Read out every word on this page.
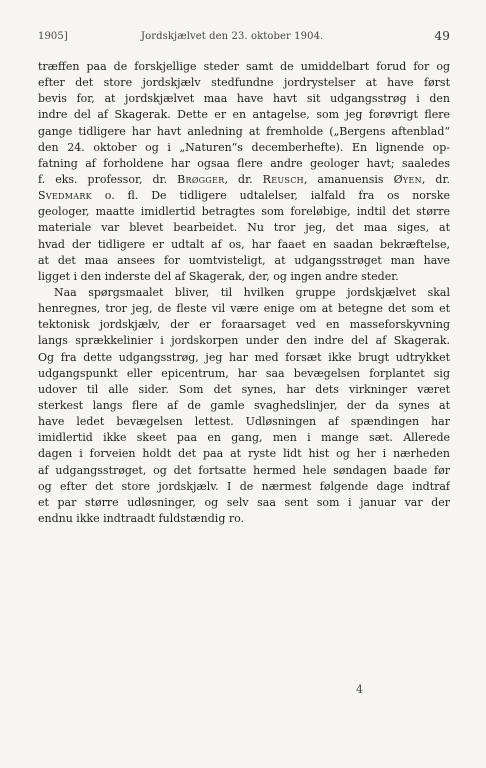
1905]	Jordskjælvet den 23. oktober 1904.	49
træffen paa de forskjellige steder samt de umiddelbart forud for og
efter det store jordskjælv stedfundne jordrystelser at have først
bevis for, at jordskjælvet maa have havt sit udgangsstrøg i den
indre del af Skagerak. Dette er en antagelse, som jeg forøvrigt flere
gange tidligere har havt anledning at fremholde („Bergens aftenblad“
den 24. oktober og i „Naturen“s decemberhefte). En lignende op-
fatning af forholdene har ogsaa flere andre geologer havt; saaledes
f. eks. professor, dr. Brøgger, dr. Reusch, amanuensis Øyen, dr.
Svedmark o. fl. De tidligere udtalelser, ialfald fra os norske
geologer, maatte imidlertid betragtes som foreløbige, indtil det større
materiale var blevet bearbeidet. Nu tror jeg, det maa siges, at
hvad der tidligere er udtalt af os, har faaet en saadan bekræftelse,
at det maa ansees for uomtvisteligt, at udgangsstrøget man have
ligget i den inderste del af Skagerak, der, og ingen andre steder.
Naa spørgsmaalet bliver, til hvilken gruppe jordskjælvet skal
henregnes, tror jeg, de fleste vil være enige om at betegne det som et
tektonisk jordskjælv, der er foraarsaget ved en masseforskyvning
langs sprækkelinier i jordskorpen under den indre del af Skagerak.
Og fra dette udgangsstrøg, jeg har med forsæt ikke brugt udtrykket
udgangspunkt eller epicentrum, har saa bevægelsen forplantet sig
udover til alle sider. Som det synes, har dets virkninger været
sterkest langs flere af de gamle svaghedslinjer, der da synes at
have ledet bevægelsen lettest. Udløsningen af spændingen har
imidlertid ikke skeet paa en gang, men i mange sæt. Allerede
dagen i forveien holdt det paa at ryste lidt hist og her i nærheden
af udgangsstrøget, og det fortsatte hermed hele søndagen baade før
og efter det store jordskjælv. I de nærmest følgende dage indtraf
et par større udløsninger, og selv saa sent som i januar var der
endnu ikke indtraadt fuldstændig ro.
4
